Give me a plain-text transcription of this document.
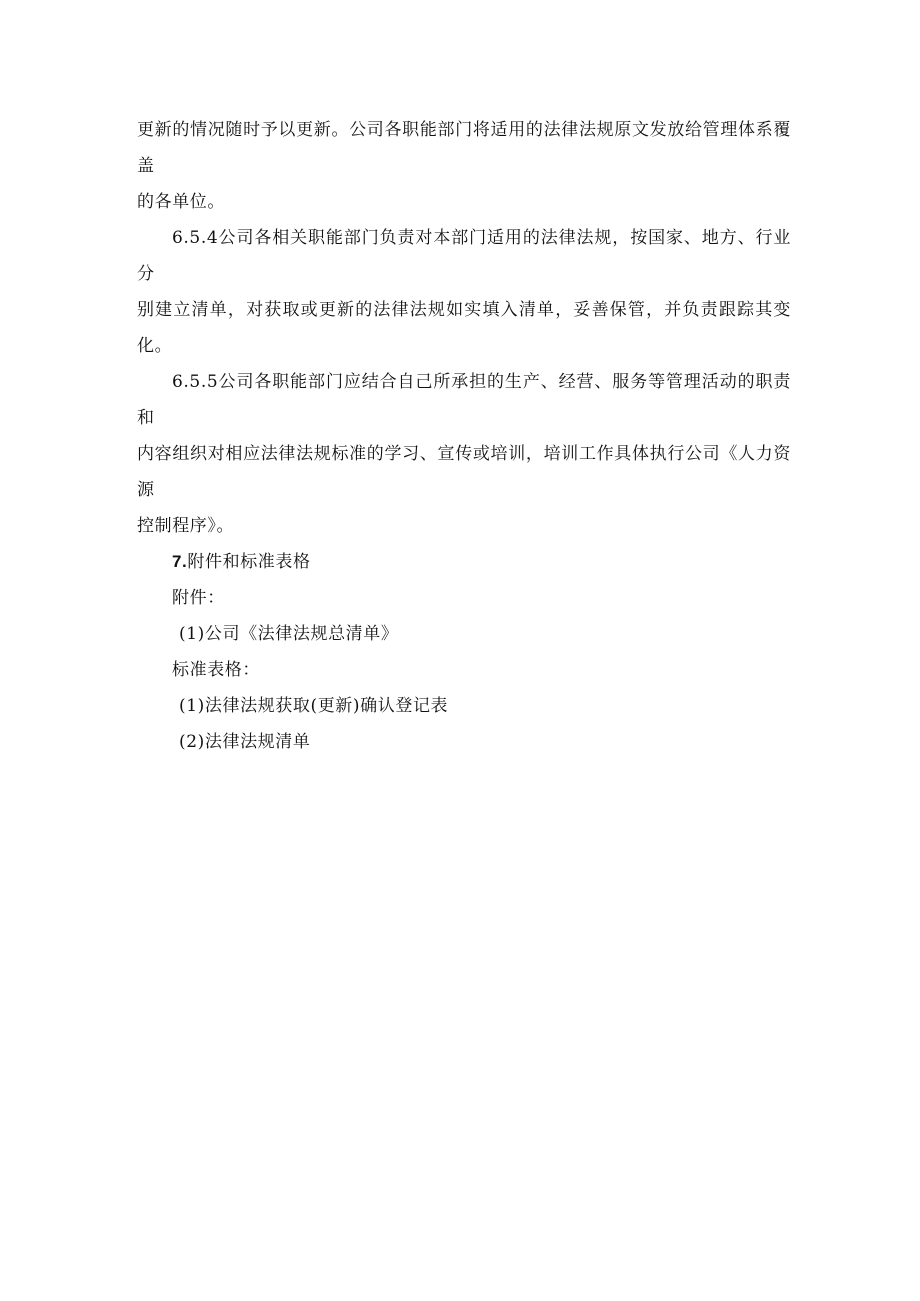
更新的情况随时予以更新。公司各职能部门将适用的法律法规原文发放给管理体系覆盖
的各单位。

6.5.4公司各相关职能部门负责对本部门适用的法律法规，按国家、地方、行业分
别建立清单，对获取或更新的法律法规如实填入清单，妥善保管，并负责跟踪其变化。

6.5.5公司各职能部门应结合自己所承担的生产、经营、服务等管理活动的职责和
内容组织对相应法律法规标准的学习、宣传或培训，培训工作具体执行公司《人力资源
控制程序》。

7.附件和标准表格

附件：

(1)公司《法律法规总清单》

标准表格：

(1)法律法规获取(更新)确认登记表

(2)法律法规清单
